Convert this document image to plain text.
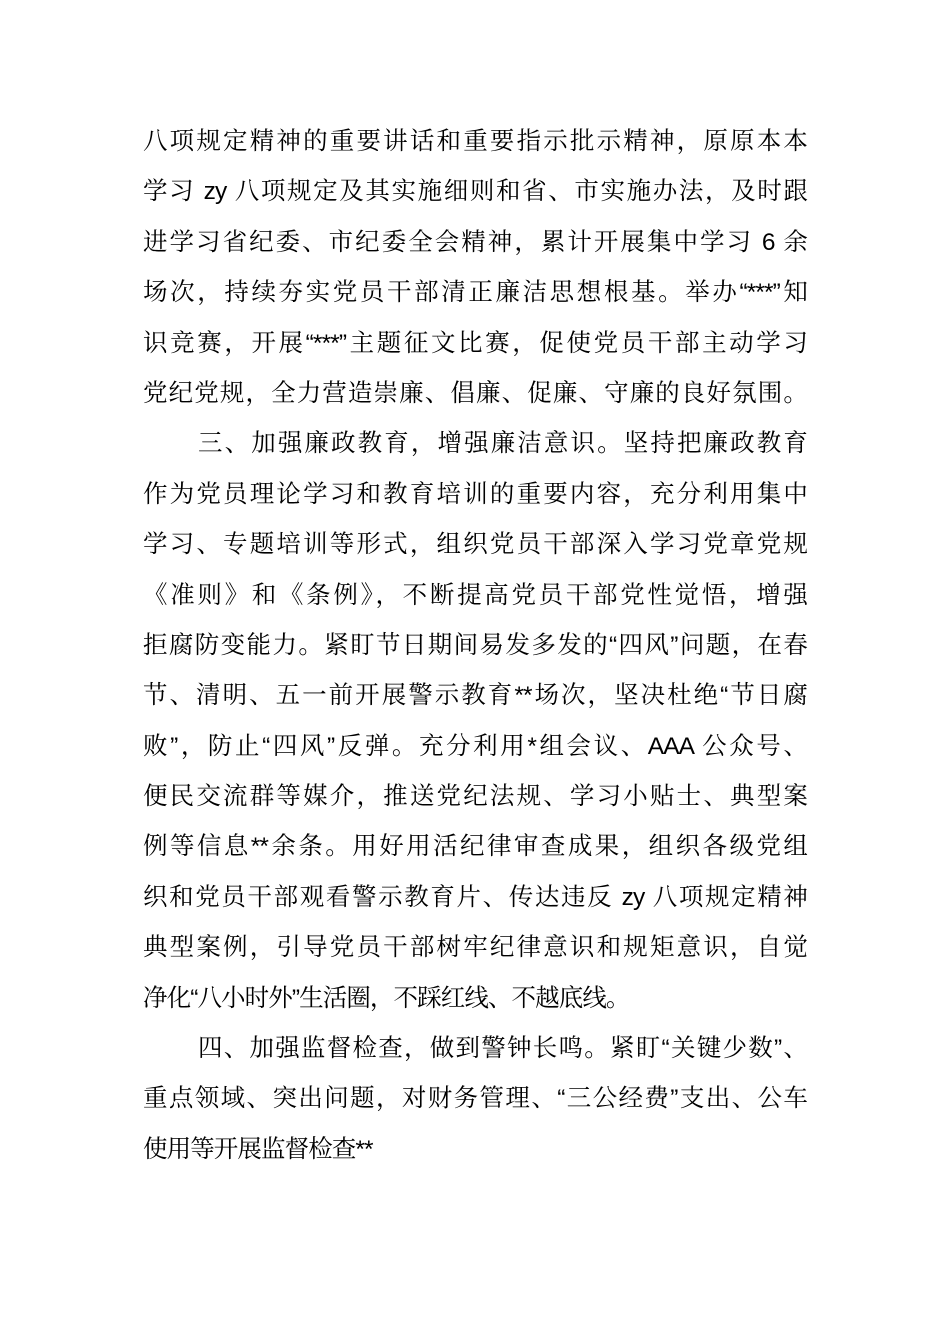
八项规定精神的重要讲话和重要指示批示精神，原原本本
学习 zy 八项规定及其实施细则和省、市实施办法，及时跟
进学习省纪委、市纪委全会精神，累计开展集中学习 6 余
场次，持续夯实党员干部清正廉洁思想根基。举办“***”知
识竞赛，开展“***”主题征文比赛，促使党员干部主动学习
党纪党规，全力营造崇廉、倡廉、促廉、守廉的良好氛围。
三、加强廉政教育，增强廉洁意识。坚持把廉政教育
作为党员理论学习和教育培训的重要内容，充分利用集中
学习、专题培训等形式，组织党员干部深入学习党章党规
《准则》和《条例》，不断提高党员干部党性觉悟，增强
拒腐防变能力。紧盯节日期间易发多发的“四风”问题，在春
节、清明、五一前开展警示教育**场次，坚决杜绝“节日腐
败”，防止“四风”反弹。充分利用*组会议、AAA 公众号、
便民交流群等媒介，推送党纪法规、学习小贴士、典型案
例等信息**余条。用好用活纪律审查成果，组织各级党组
织和党员干部观看警示教育片、传达违反 zy 八项规定精神
典型案例，引导党员干部树牢纪律意识和规矩意识，自觉
净化“八小时外”生活圈，不踩红线、不越底线。
四、加强监督检查，做到警钟长鸣。紧盯“关键少数”、
重点领域、突出问题，对财务管理、“三公经费”支出、公车
使用等开展监督检查**
